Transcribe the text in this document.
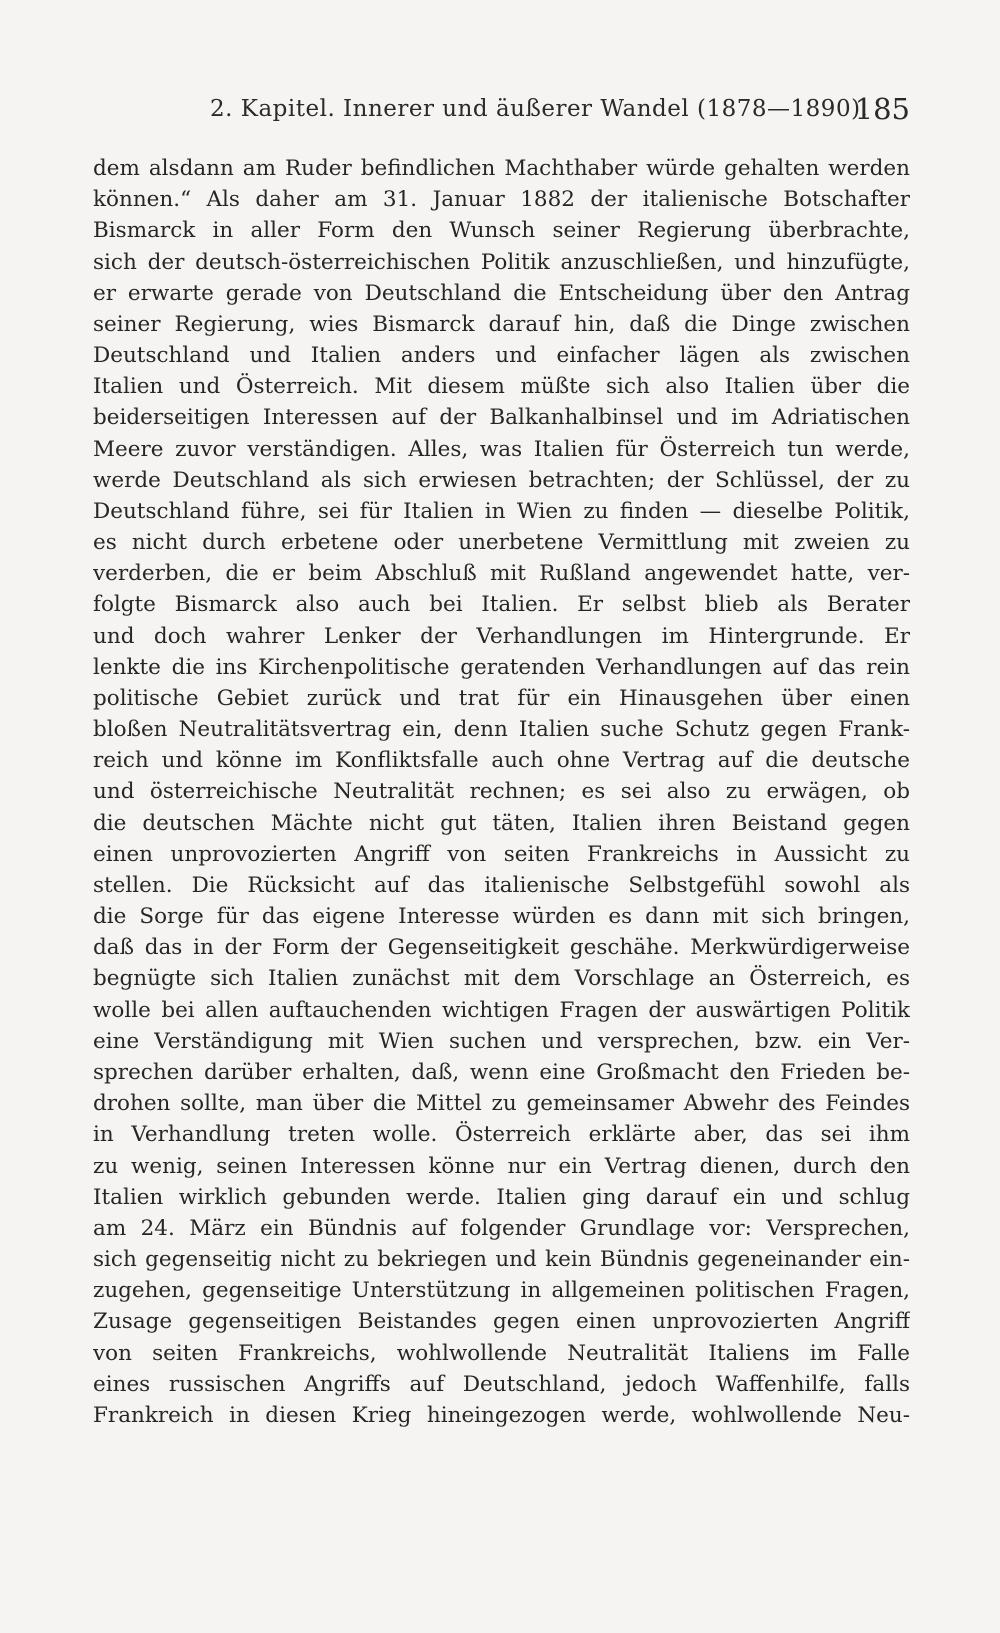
2. Kapitel. Innerer und äußerer Wandel (1878—1890).
185
dem alsdann am Ruder befindlichen Machthaber würde gehalten werden
können.“ Als daher am 31. Januar 1882 der italienische Botschafter
Bismarck in aller Form den Wunsch seiner Regierung überbrachte,
sich der deutsch-österreichischen Politik anzuschließen, und hinzufügte,
er erwarte gerade von Deutschland die Entscheidung über den Antrag
seiner Regierung, wies Bismarck darauf hin, daß die Dinge zwischen
Deutschland und Italien anders und einfacher lägen als zwischen
Italien und Österreich. Mit diesem müßte sich also Italien über die
beiderseitigen Interessen auf der Balkanhalbinsel und im Adriatischen
Meere zuvor verständigen. Alles, was Italien für Österreich tun werde,
werde Deutschland als sich erwiesen betrachten; der Schlüssel, der zu
Deutschland führe, sei für Italien in Wien zu finden — dieselbe Politik,
es nicht durch erbetene oder unerbetene Vermittlung mit zweien zu
verderben, die er beim Abschluß mit Rußland angewendet hatte, ver-
folgte Bismarck also auch bei Italien. Er selbst blieb als Berater
und doch wahrer Lenker der Verhandlungen im Hintergrunde. Er
lenkte die ins Kirchenpolitische geratenden Verhandlungen auf das rein
politische Gebiet zurück und trat für ein Hinausgehen über einen
bloßen Neutralitätsvertrag ein, denn Italien suche Schutz gegen Frank-
reich und könne im Konfliktsfalle auch ohne Vertrag auf die deutsche
und österreichische Neutralität rechnen; es sei also zu erwägen, ob
die deutschen Mächte nicht gut täten, Italien ihren Beistand gegen
einen unprovozierten Angriff von seiten Frankreichs in Aussicht zu
stellen. Die Rücksicht auf das italienische Selbstgefühl sowohl als
die Sorge für das eigene Interesse würden es dann mit sich bringen,
daß das in der Form der Gegenseitigkeit geschähe. Merkwürdigerweise
begnügte sich Italien zunächst mit dem Vorschlage an Österreich, es
wolle bei allen auftauchenden wichtigen Fragen der auswärtigen Politik
eine Verständigung mit Wien suchen und versprechen, bzw. ein Ver-
sprechen darüber erhalten, daß, wenn eine Großmacht den Frieden be-
drohen sollte, man über die Mittel zu gemeinsamer Abwehr des Feindes
in Verhandlung treten wolle. Österreich erklärte aber, das sei ihm
zu wenig, seinen Interessen könne nur ein Vertrag dienen, durch den
Italien wirklich gebunden werde. Italien ging darauf ein und schlug
am 24. März ein Bündnis auf folgender Grundlage vor: Versprechen,
sich gegenseitig nicht zu bekriegen und kein Bündnis gegeneinander ein-
zugehen, gegenseitige Unterstützung in allgemeinen politischen Fragen,
Zusage gegenseitigen Beistandes gegen einen unprovozierten Angriff
von seiten Frankreichs, wohlwollende Neutralität Italiens im Falle
eines russischen Angriffs auf Deutschland, jedoch Waffenhilfe, falls
Frankreich in diesen Krieg hineingezogen werde, wohlwollende Neu-
